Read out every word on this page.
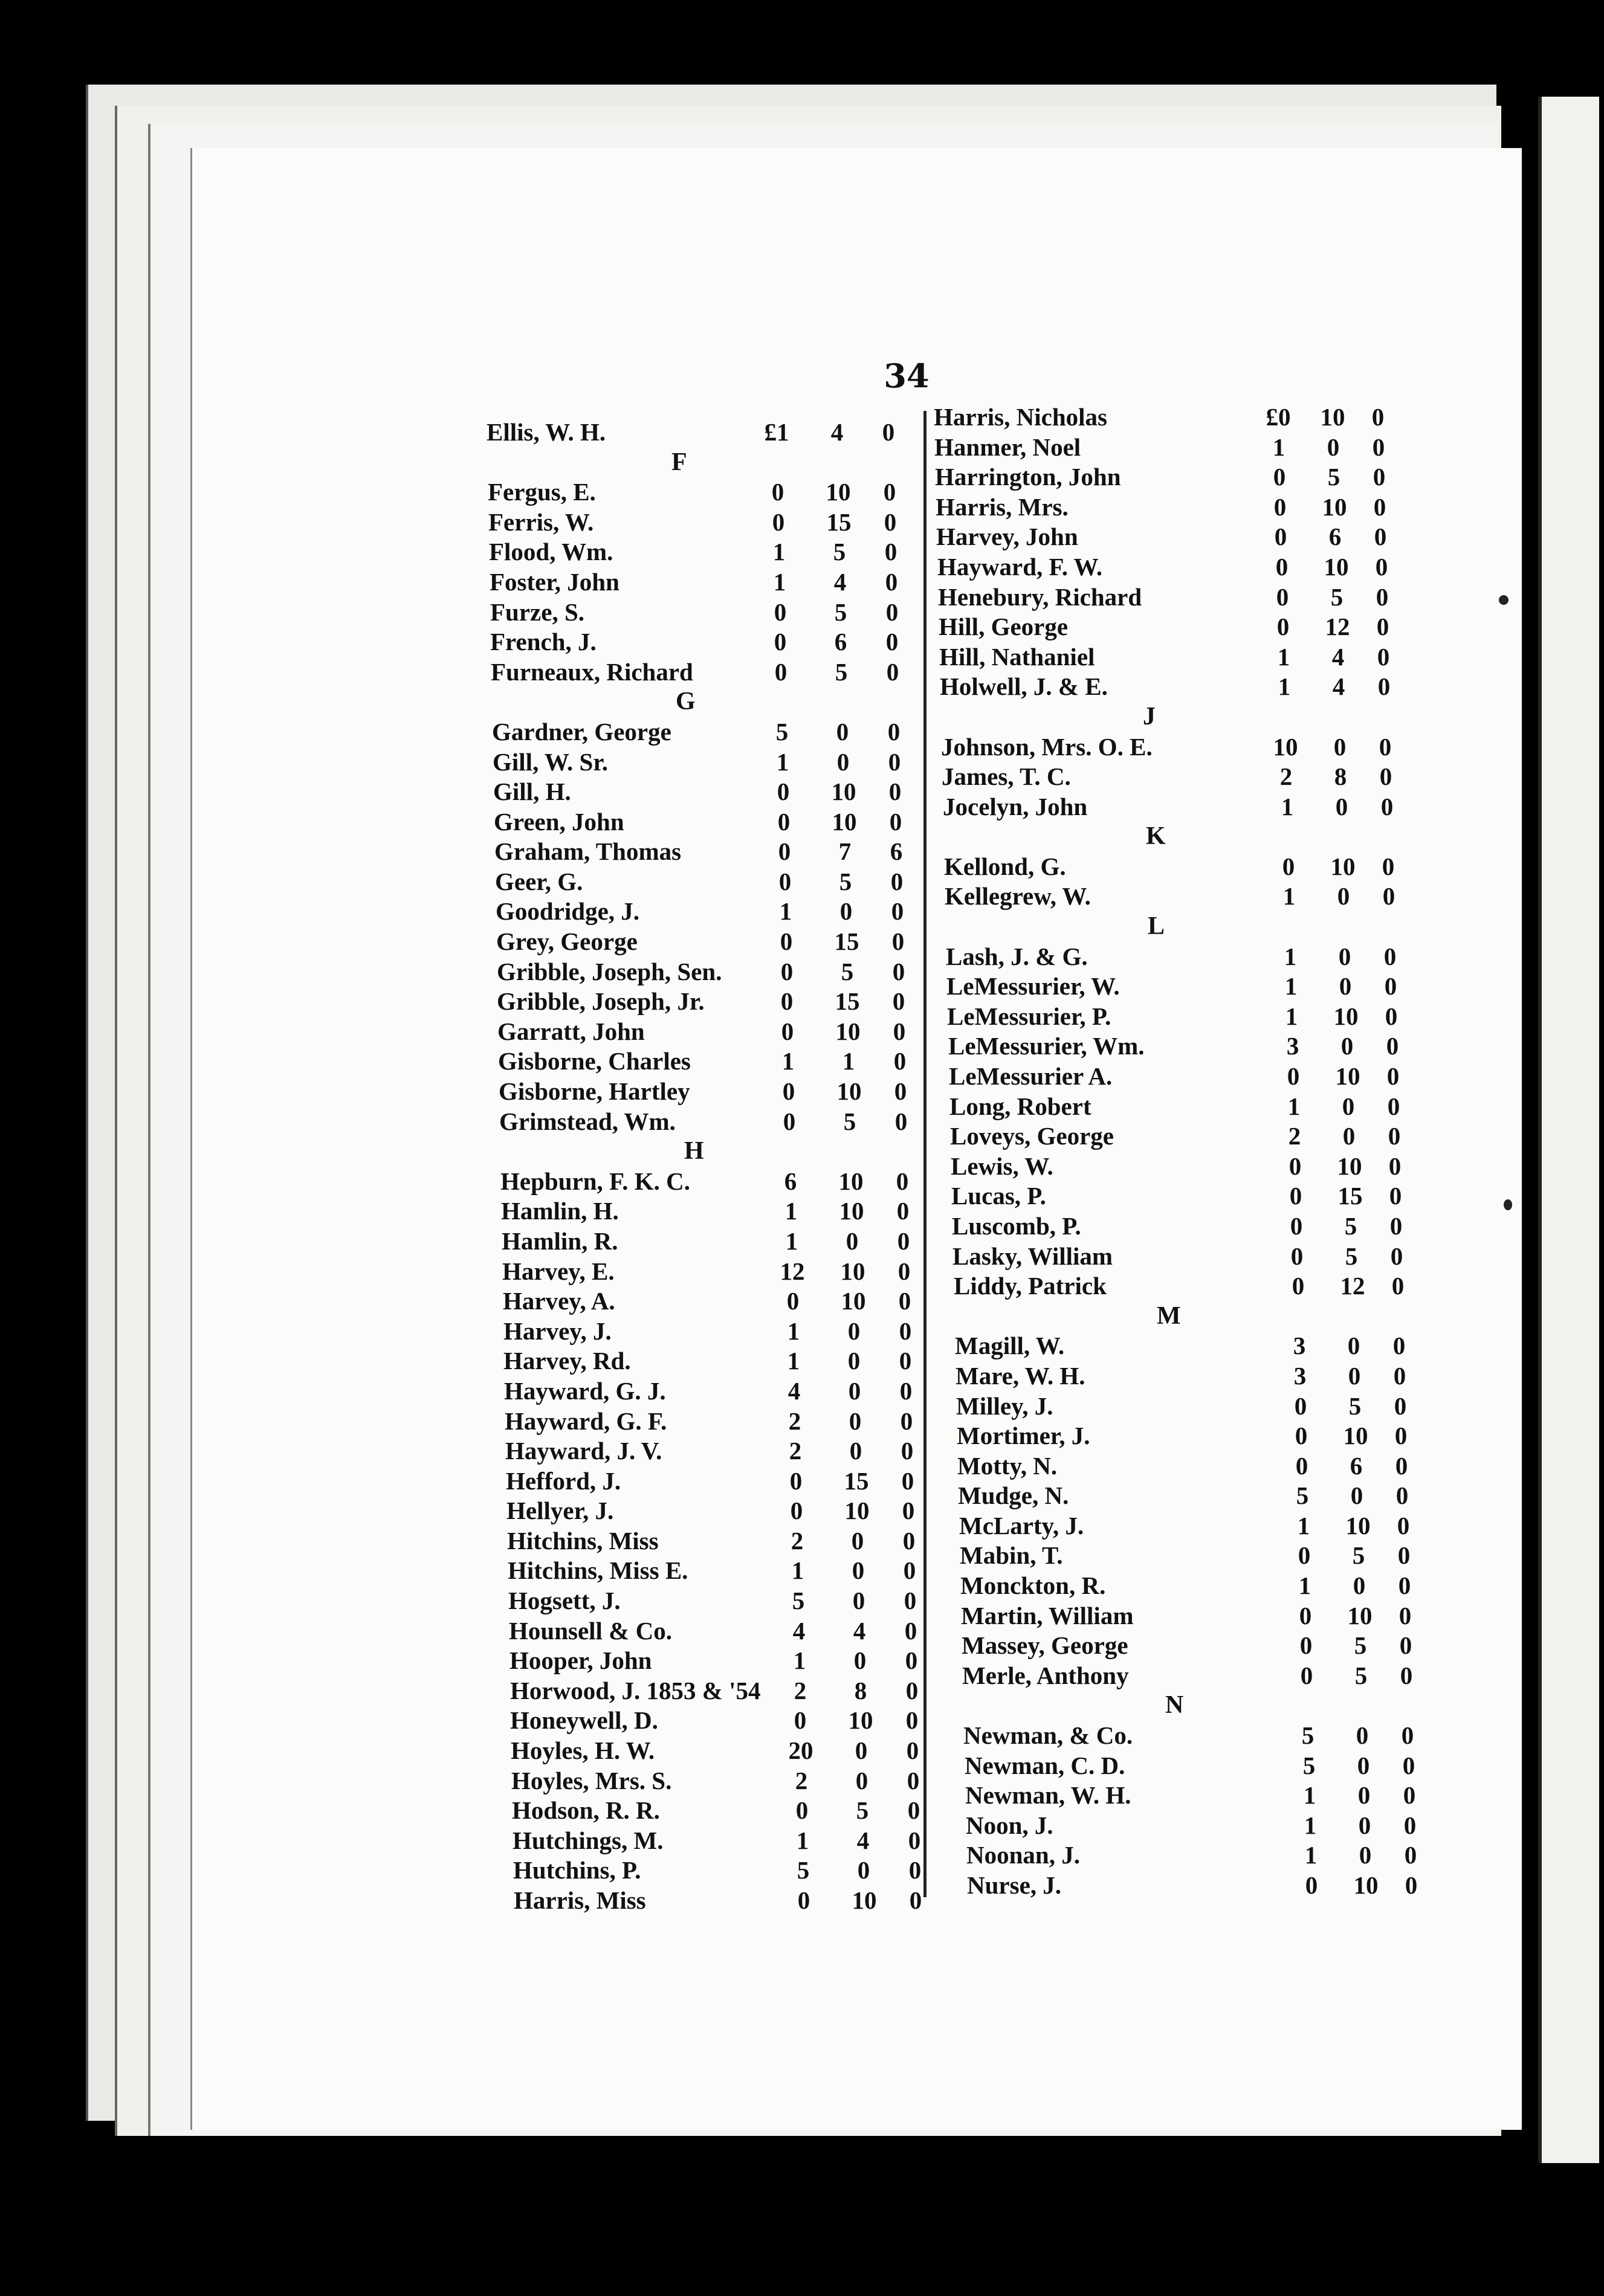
34
Ellis, W. H.	£1	4	0
F
Fergus, E.	0	10	0
Ferris, W.	0	15	0
Flood, Wm.	1	5	0
Foster, John	1	4	0
Furze, S.	0	5	0
French, J.	0	6	0
Furneaux, Richard	0	5	0
G
Gardner, George	5	0	0
Gill, W. Sr.	1	0	0
Gill, H.	0	10	0
Green, John	0	10	0
Graham, Thomas	0	7	6
Geer, G.	0	5	0
Goodridge, J.	1	0	0
Grey, George	0	15	0
Gribble, Joseph, Sen.	0	5	0
Gribble, Joseph, Jr.	0	15	0
Garratt, John	0	10	0
Gisborne, Charles	1	1	0
Gisborne, Hartley	0	10	0
Grimstead, Wm.	0	5	0
H
Hepburn, F. K. C.	6	10	0
Hamlin, H.	1	10	0
Hamlin, R.	1	0	0
Harvey, E.	12	10	0
Harvey, A.	0	10	0
Harvey, J.	1	0	0
Harvey, Rd.	1	0	0
Hayward, G. J.	4	0	0
Hayward, G. F.	2	0	0
Hayward, J. V.	2	0	0
Hefford, J.	0	15	0
Hellyer, J.	0	10	0
Hitchins, Miss	2	0	0
Hitchins, Miss E.	1	0	0
Hogsett, J.	5	0	0
Hounsell & Co.	4	4	0
Hooper, John	1	0	0
Horwood, J. 1853 & '54	2	8	0
Honeywell, D.	0	10	0
Hoyles, H. W.	20	0	0
Hoyles, Mrs. S.	2	0	0
Hodson, R. R.	0	5	0
Hutchings, M.	1	4	0
Hutchins, P.	5	0	0
Harris, Miss	0	10	0
Harris, Nicholas	£0	10	0
Hanmer, Noel	1	0	0
Harrington, John	0	5	0
Harris, Mrs.	0	10	0
Harvey, John	0	6	0
Hayward, F. W.	0	10	0
Henebury, Richard	0	5	0
Hill, George	0	12	0
Hill, Nathaniel	1	4	0
Holwell, J. & E.	1	4	0
J
Johnson, Mrs. O. E.	10	0	0
James, T. C.	2	8	0
Jocelyn, John	1	0	0
K
Kellond, G.	0	10	0
Kellegrew, W.	1	0	0
L
Lash, J. & G.	1	0	0
LeMessurier, W.	1	0	0
LeMessurier, P.	1	10	0
LeMessurier, Wm.	3	0	0
LeMessurier A.	0	10	0
Long, Robert	1	0	0
Loveys, George	2	0	0
Lewis, W.	0	10	0
Lucas, P.	0	15	0
Luscomb, P.	0	5	0
Lasky, William	0	5	0
Liddy, Patrick	0	12	0
M
Magill, W.	3	0	0
Mare, W. H.	3	0	0
Milley, J.	0	5	0
Mortimer, J.	0	10	0
Motty, N.	0	6	0
Mudge, N.	5	0	0
McLarty, J.	1	10	0
Mabin, T.	0	5	0
Monckton, R.	1	0	0
Martin, William	0	10	0
Massey, George	0	5	0
Merle, Anthony	0	5	0
N
Newman, & Co.	5	0	0
Newman, C. D.	5	0	0
Newman, W. H.	1	0	0
Noon, J.	1	0	0
Noonan, J.	1	0	0
Nurse, J.	0	10	0
